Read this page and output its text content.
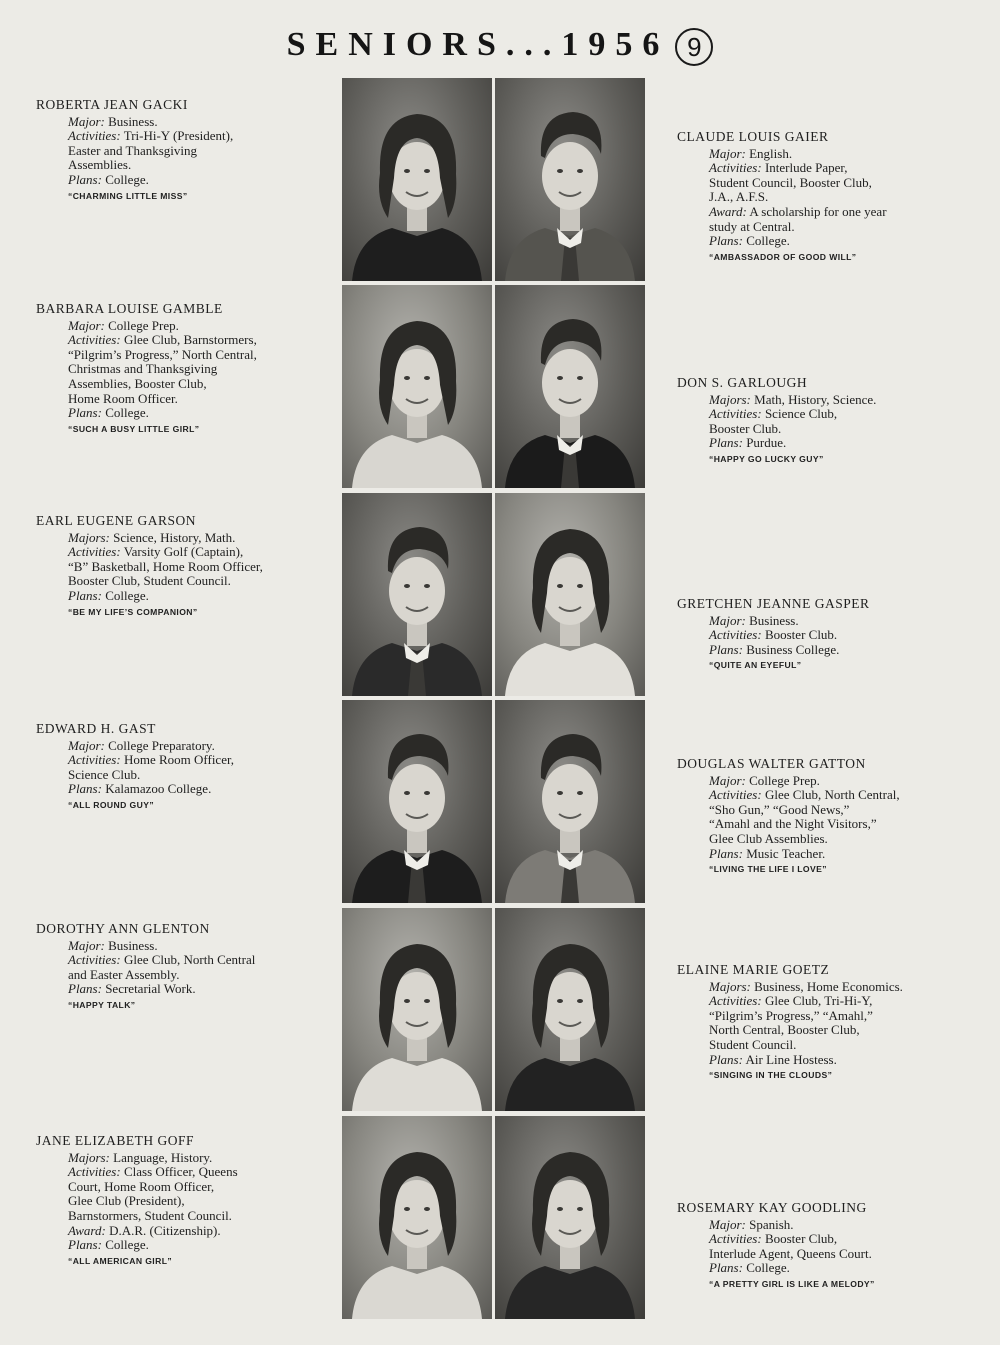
SENIORS...1956 9
ROBERTA JEAN GACKI
Major: Business.
Activities: Tri-Hi-Y (President),
Easter and Thanksgiving
Assemblies.
Plans: College.
“CHARMING LITTLE MISS”
BARBARA LOUISE GAMBLE
Major: College Prep.
Activities: Glee Club, Barnstormers,
“Pilgrim’s Progress,” North Central,
Christmas and Thanksgiving
Assemblies, Booster Club,
Home Room Officer.
Plans: College.
“SUCH A BUSY LITTLE GIRL”
EARL EUGENE GARSON
Majors: Science, History, Math.
Activities: Varsity Golf (Captain),
“B” Basketball, Home Room Officer,
Booster Club, Student Council.
Plans: College.
“BE MY LIFE’S COMPANION”
EDWARD H. GAST
Major: College Preparatory.
Activities: Home Room Officer,
Science Club.
Plans: Kalamazoo College.
“ALL ROUND GUY”
DOROTHY ANN GLENTON
Major: Business.
Activities: Glee Club, North Central
and Easter Assembly.
Plans: Secretarial Work.
“HAPPY TALK”
JANE ELIZABETH GOFF
Majors: Language, History.
Activities: Class Officer, Queens
Court, Home Room Officer,
Glee Club (President),
Barnstormers, Student Council.
Award: D.A.R. (Citizenship).
Plans: College.
“ALL AMERICAN GIRL”
CLAUDE LOUIS GAIER
Major: English.
Activities: Interlude Paper,
Student Council, Booster Club,
J.A., A.F.S.
Award: A scholarship for one year
study at Central.
Plans: College.
“AMBASSADOR OF GOOD WILL”
DON S. GARLOUGH
Majors: Math, History, Science.
Activities: Science Club,
Booster Club.
Plans: Purdue.
“HAPPY GO LUCKY GUY”
GRETCHEN JEANNE GASPER
Major: Business.
Activities: Booster Club.
Plans: Business College.
“QUITE AN EYEFUL”
DOUGLAS WALTER GATTON
Major: College Prep.
Activities: Glee Club, North Central,
“Sho Gun,” “Good News,”
“Amahl and the Night Visitors,”
Glee Club Assemblies.
Plans: Music Teacher.
“LIVING THE LIFE I LOVE”
ELAINE MARIE GOETZ
Majors: Business, Home Economics.
Activities: Glee Club, Tri-Hi-Y,
“Pilgrim’s Progress,” “Amahl,”
North Central, Booster Club,
Student Council.
Plans: Air Line Hostess.
“SINGING IN THE CLOUDS”
ROSEMARY KAY GOODLING
Major: Spanish.
Activities: Booster Club,
Interlude Agent, Queens Court.
Plans: College.
“A PRETTY GIRL IS LIKE A MELODY”
